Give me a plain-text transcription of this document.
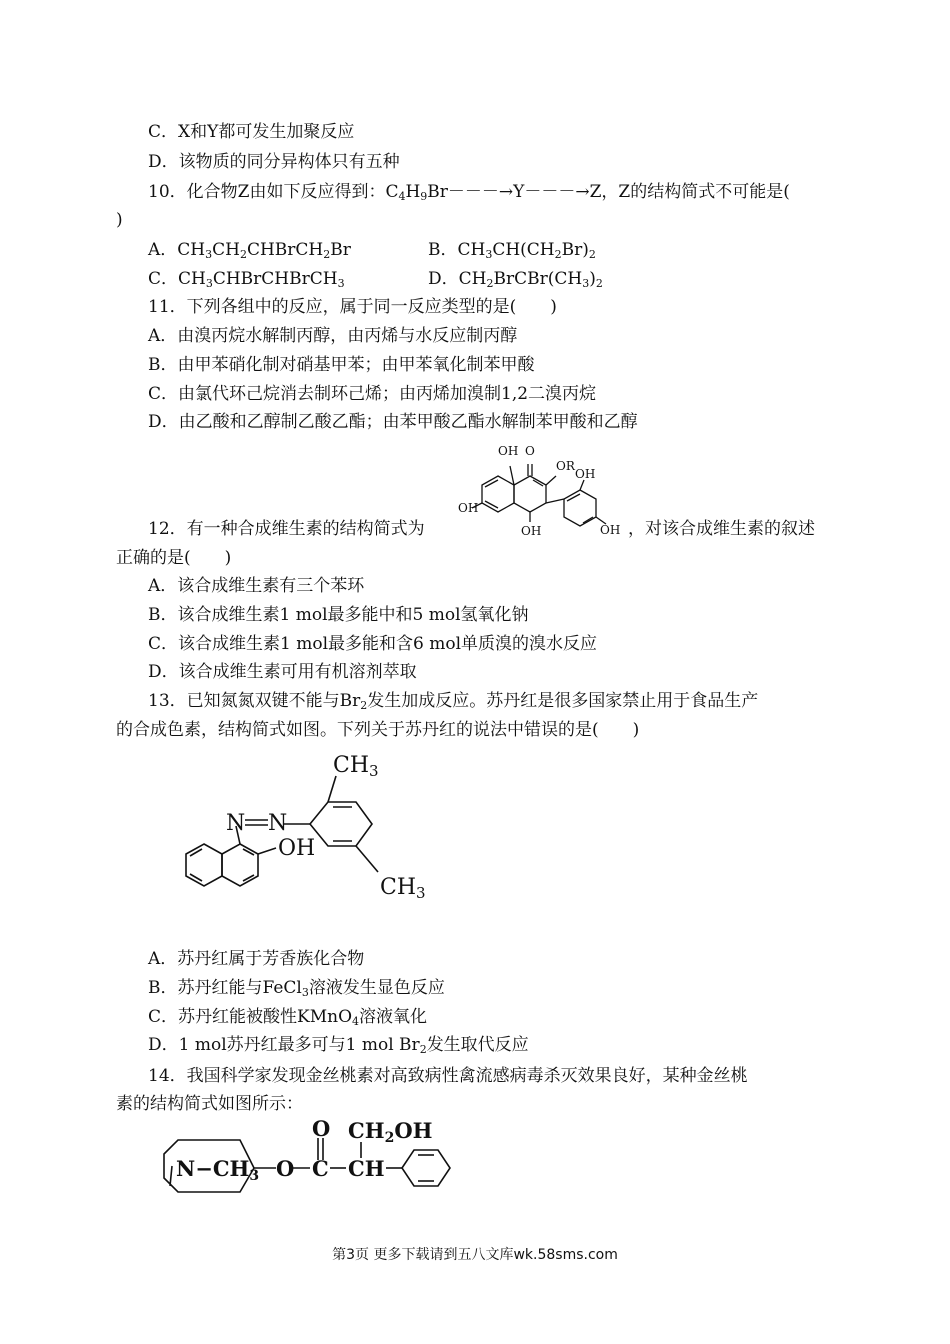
C．X和Y都可发生加聚反应
D．该物质的同分异构体只有五种
10．化合物Z由如下反应得到：$C_4H_9Br---\to Y---\to Z$，Z的结构简式不可能是(
)
A．$CH_3CH_2CHBrCH_2Br$	B．$CH_3CH(CH_2Br)_2$
C．$CH_3CHBrCHBrCH_3$	D．$CH_2BrCBr(CH_3)_2$
11．下列各组中的反应，属于同一反应类型的是(　　)
A．由溴丙烷水解制丙醇，由丙烯与水反应制丙醇
B．由甲苯硝化制对硝基甲苯；由甲苯氧化制苯甲酸
C．由氯代环己烷消去制环己烯；由丙烯加溴制1,2二溴丙烷
D．由乙酸和乙醇制乙酸乙酯；由苯甲酸乙酯水解制苯甲酸和乙醇
OH O
OR
OH
OH
OH	OH
12．有一种合成维生素的结构简式为	，对该合成维生素的叙述
正确的是(　　)
A．该合成维生素有三个苯环
B．该合成维生素1 mol最多能中和5 mol氢氧化钠
C．该合成维生素1 mol最多能和含6 mol单质溴的溴水反应
D．该合成维生素可用有机溶剂萃取
13．已知氮氮双键不能与$Br_2$发生加成反应。苏丹红是很多国家禁止用于食品生产
的合成色素，结构简式如图。下列关于苏丹红的说法中错误的是(　　)
CH3
CH3
N N
OH
A．苏丹红属于芳香族化合物
B．苏丹红能与FeCl$_3$溶液发生显色反应
C．苏丹红能被酸性KMnO$_4$溶液氧化
D．1 mol苏丹红最多可与1 mol $Br_2$发生取代反应
14．我国科学家发现金丝桃素对高致病性禽流感病毒杀灭效果良好，某种金丝桃
素的结构简式如图所示：
N−CH3 O C
O
CH
CH2OH
第3页 更多下载请到五八文库wk.58sms.com
